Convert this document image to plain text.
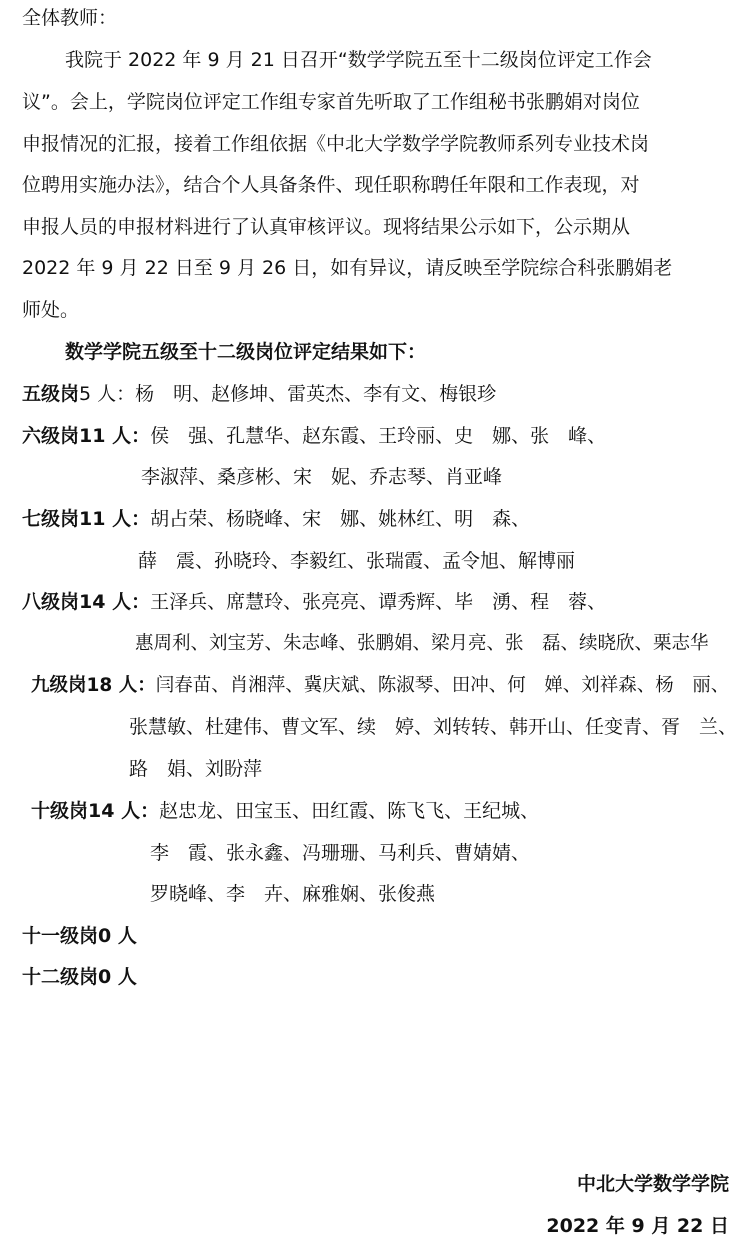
全体教师：
我院于 2022 年 9 月 21 日召开“数学学院五至十二级岗位评定工作会
议”。会上，学院岗位评定工作组专家首先听取了工作组秘书张鹏娟对岗位
申报情况的汇报，接着工作组依据《中北大学数学学院教师系列专业技术岗
位聘用实施办法》，结合个人具备条件、现任职称聘任年限和工作表现，对
申报人员的申报材料进行了认真审核评议。现将结果公示如下，公示期从
2022 年 9 月 22 日至 9 月 26 日，如有异议，请反映至学院综合科张鹏娟老
师处。
数学学院五级至十二级岗位评定结果如下：
五级岗5 人：杨　明、赵修坤、雷英杰、李有文、梅银珍
六级岗11 人：侯　强、孔慧华、赵东霞、王玲丽、史　娜、张　峰、
李淑萍、桑彦彬、宋　妮、乔志琴、肖亚峰
七级岗11 人：胡占荣、杨晓峰、宋　娜、姚林红、明　森、
薛　震、孙晓玲、李毅红、张瑞霞、孟令旭、解博丽
八级岗14 人：王泽兵、席慧玲、张亮亮、谭秀辉、毕　湧、程　蓉、
惠周利、刘宝芳、朱志峰、张鹏娟、梁月亮、张　磊、续晓欣、栗志华
九级岗18 人：闫春苗、肖湘萍、冀庆斌、陈淑琴、田冲、何　婵、刘祥森、杨　丽、
张慧敏、杜建伟、曹文军、续　婷、刘转转、韩开山、任变青、胥　兰、
路　娟、刘盼萍
十级岗14 人：赵忠龙、田宝玉、田红霞、陈飞飞、王纪城、
李　霞、张永鑫、冯珊珊、马利兵、曹婧婧、
罗晓峰、李　卉、麻雅娴、张俊燕
十一级岗0 人
十二级岗0 人
中北大学数学学院
2022 年 9 月 22 日
